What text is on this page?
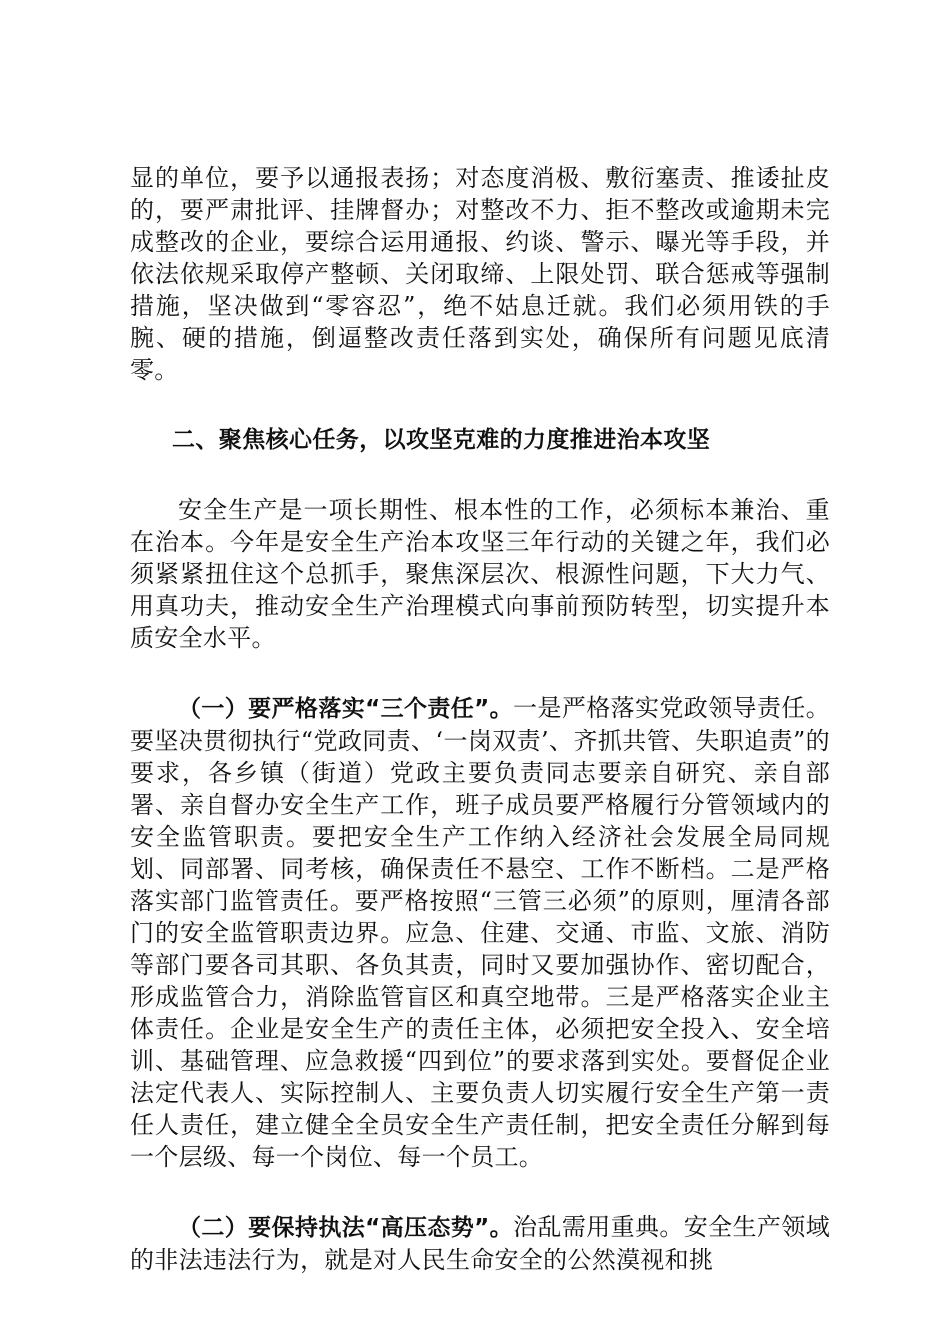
显的单位，要予以通报表扬；对态度消极、敷衍塞责、推诿扯皮的，要严肃批评、挂牌督办；对整改不力、拒不整改或逾期未完成整改的企业，要综合运用通报、约谈、警示、曝光等手段，并依法依规采取停产整顿、关闭取缔、上限处罚、联合惩戒等强制措施，坚决做到“零容忍”，绝不姑息迁就。我们必须用铁的手腕、硬的措施，倒逼整改责任落到实处，确保所有问题见底清零。

二、聚焦核心任务，以攻坚克难的力度推进治本攻坚

安全生产是一项长期性、根本性的工作，必须标本兼治、重在治本。今年是安全生产治本攻坚三年行动的关键之年，我们必须紧紧扭住这个总抓手，聚焦深层次、根源性问题，下大力气、用真功夫，推动安全生产治理模式向事前预防转型，切实提升本质安全水平。

（一）要严格落实“三个责任”。一是严格落实党政领导责任。要坚决贯彻执行“党政同责、‘一岗双责’、齐抓共管、失职追责”的要求，各乡镇（街道）党政主要负责同志要亲自研究、亲自部署、亲自督办安全生产工作，班子成员要严格履行分管领域内的安全监管职责。要把安全生产工作纳入经济社会发展全局同规划、同部署、同考核，确保责任不悬空、工作不断档。二是严格落实部门监管责任。要严格按照“三管三必须”的原则，厘清各部门的安全监管职责边界。应急、住建、交通、市监、文旅、消防等部门要各司其职、各负其责，同时又要加强协作、密切配合，形成监管合力，消除监管盲区和真空地带。三是严格落实企业主体责任。企业是安全生产的责任主体，必须把安全投入、安全培训、基础管理、应急救援“四到位”的要求落到实处。要督促企业法定代表人、实际控制人、主要负责人切实履行安全生产第一责任人责任，建立健全全员安全生产责任制，把安全责任分解到每一个层级、每一个岗位、每一个员工。

（二）要保持执法“高压态势”。治乱需用重典。安全生产领域的非法违法行为，就是对人民生命安全的公然漠视和挑
